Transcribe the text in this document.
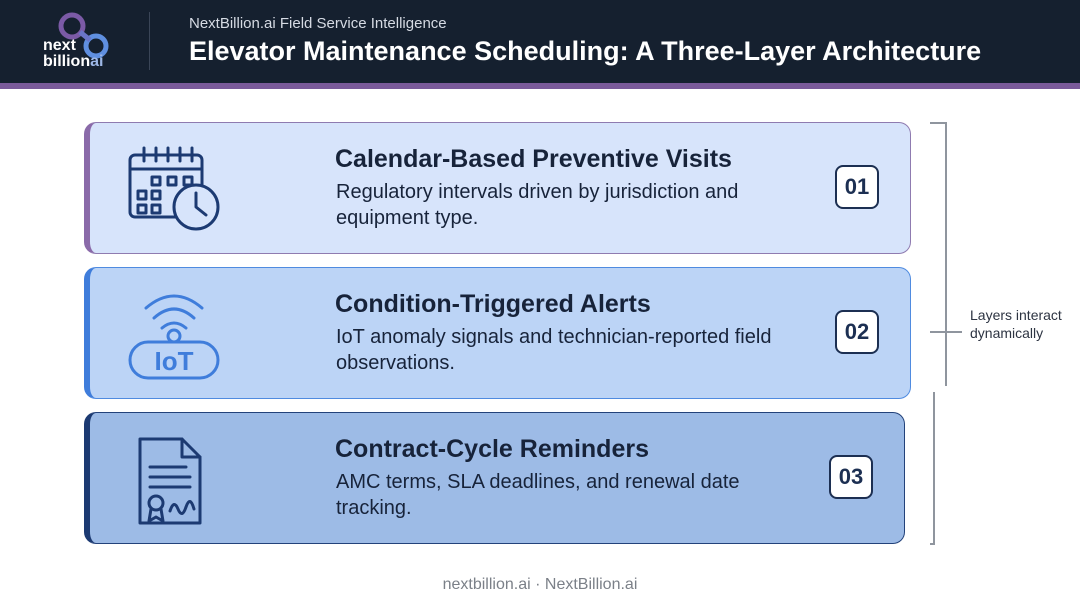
next
billionai
NextBillion.ai Field Service Intelligence
Elevator Maintenance Scheduling: A Three-Layer Architecture
Calendar-Based Preventive Visits
Regulatory intervals driven by jurisdiction and equipment type.
01
IoT
Condition-Triggered Alerts
IoT anomaly signals and technician-reported field observations.
02
Contract-Cycle Reminders
AMC terms, SLA deadlines, and renewal date tracking.
03
Layers interact dynamically
nextbillion.ai · NextBillion.ai
